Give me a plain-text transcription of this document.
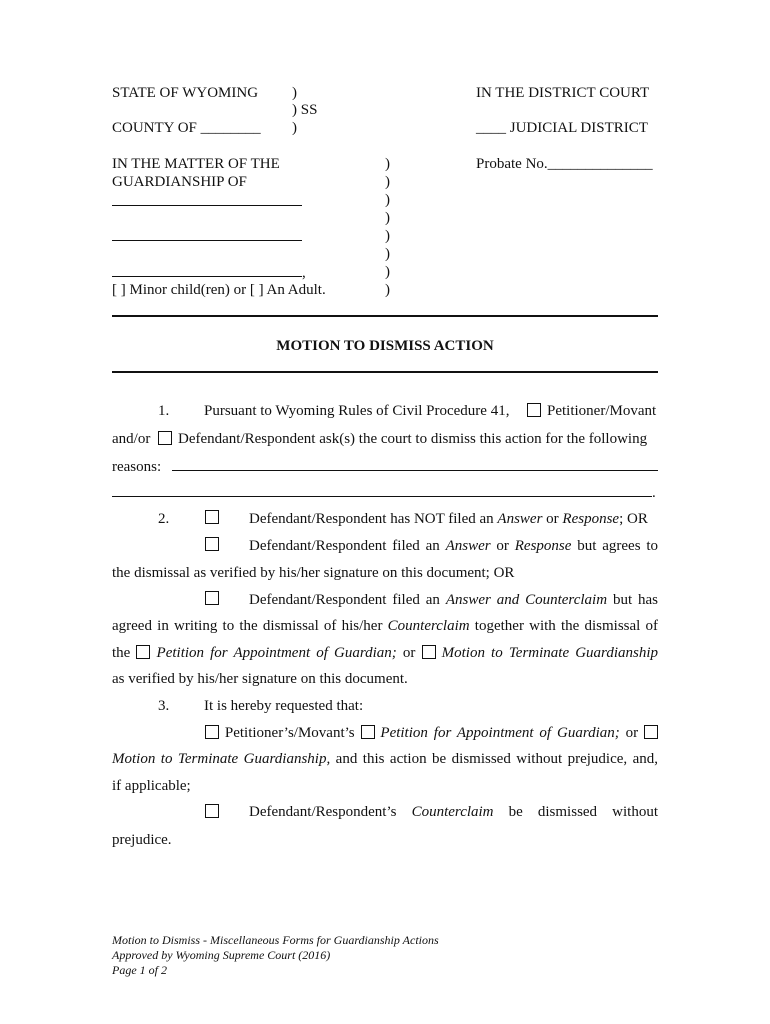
STATE OF WYOMING )
) SS
COUNTY OF ________ )
IN THE DISTRICT COURT
____ JUDICIAL DISTRICT
IN THE MATTER OF THE
GUARDIANSHIP OF
Probate No.______________
,
[ ] Minor child(ren) or [ ] An Adult.
)
)
)
)
)
)
)
)
MOTION TO DISMISS ACTION
1. Pursuant to Wyoming Rules of Civil Procedure 41,	Petitioner/Movant
and/or Defendant/Respondent ask(s) the court to dismiss this action for the following
reasons:
.
2.	Defendant/Respondent has NOT filed an Answer or Response; OR
Defendant/Respondent filed an Answer or Response but agrees to
the dismissal as verified by his/her signature on this document; OR
Defendant/Respondent filed an Answer and Counterclaim but has
agreed in writing to the dismissal of his/her Counterclaim together with the dismissal of
the Petition for Appointment of Guardian; or Motion to Terminate Guardianship
as verified by his/her signature on this document.
3. It is hereby requested that:
Petitioner’s/Movant’s Petition for Appointment of Guardian; or
Motion to Terminate Guardianship, and this action be dismissed without prejudice, and,
if applicable;
Defendant/Respondent’s Counterclaim be dismissed without
prejudice.
Motion to Dismiss - Miscellaneous Forms for Guardianship Actions
Approved by Wyoming Supreme Court (2016)
Page 1 of 2
